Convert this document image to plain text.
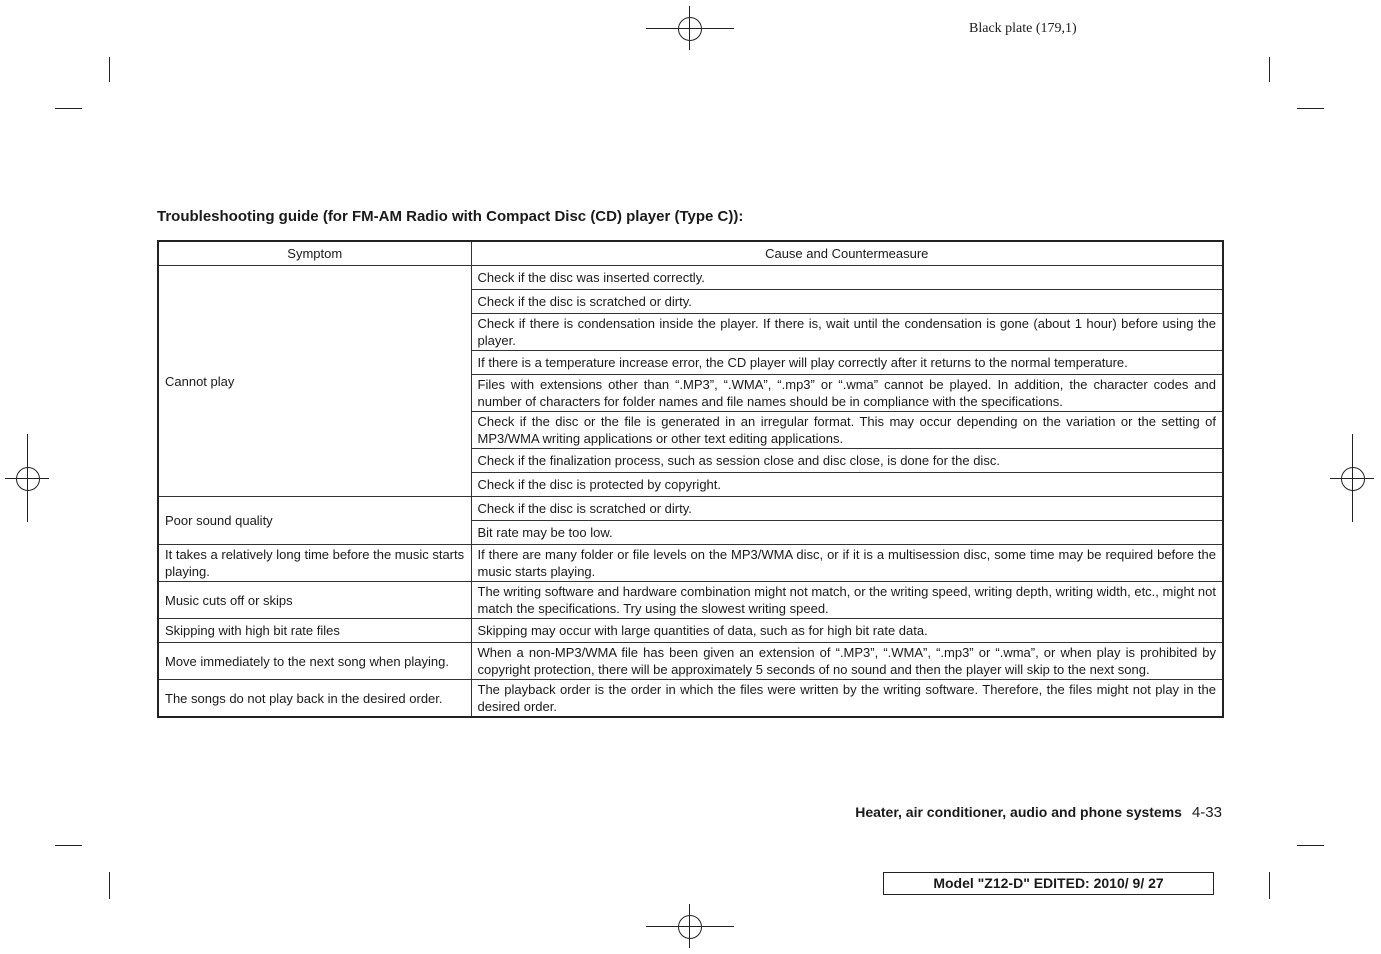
Black plate (179,1)
Troubleshooting guide (for FM-AM Radio with Compact Disc (CD) player (Type C)):
Symptom	Cause and Countermeasure
Cannot play	Check if the disc was inserted correctly.
	Check if the disc is scratched or dirty.
	Check if there is condensation inside the player. If there is, wait until the condensation is gone (about 1 hour) before using the player.
	If there is a temperature increase error, the CD player will play correctly after it returns to the normal temperature.
	Files with extensions other than “.MP3”, “.WMA”, “.mp3” or “.wma” cannot be played. In addition, the character codes and number of characters for folder names and file names should be in compliance with the specifications.
	Check if the disc or the file is generated in an irregular format. This may occur depending on the variation or the setting of MP3/WMA writing applications or other text editing applications.
	Check if the finalization process, such as session close and disc close, is done for the disc.
	Check if the disc is protected by copyright.
Poor sound quality	Check if the disc is scratched or dirty.
	Bit rate may be too low.
It takes a relatively long time before the music starts playing.	If there are many folder or file levels on the MP3/WMA disc, or if it is a multisession disc, some time may be required before the music starts playing.
Music cuts off or skips	The writing software and hardware combination might not match, or the writing speed, writing depth, writing width, etc., might not match the specifications. Try using the slowest writing speed.
Skipping with high bit rate files	Skipping may occur with large quantities of data, such as for high bit rate data.
Move immediately to the next song when playing.	When a non-MP3/WMA file has been given an extension of “.MP3”, “.WMA”, “.mp3” or “.wma”, or when play is prohibited by copyright protection, there will be approximately 5 seconds of no sound and then the player will skip to the next song.
The songs do not play back in the desired order.	The playback order is the order in which the files were written by the writing software. Therefore, the files might not play in the desired order.
Heater, air conditioner, audio and phone systems 4-33
Model "Z12-D" EDITED: 2010/ 9/ 27
